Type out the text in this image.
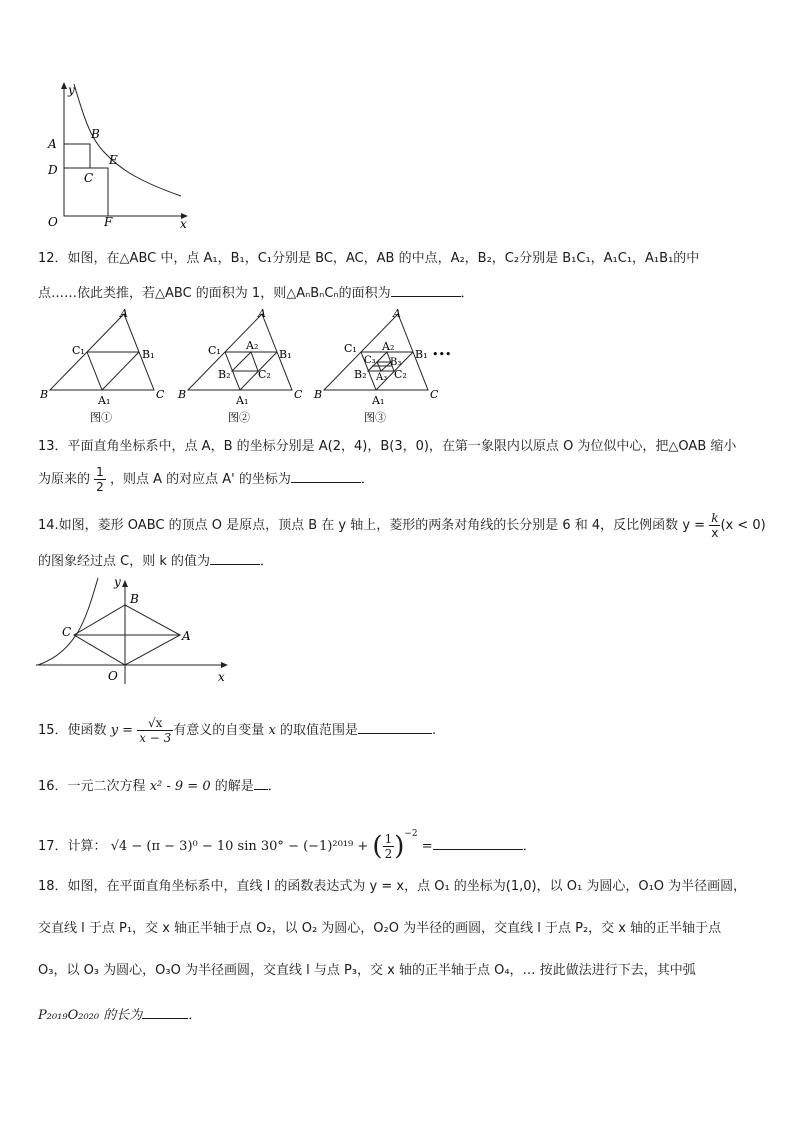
y
A
B
D
E
C
O	F	x
12．如图，在△ABC 中，点 A₁，B₁，C₁分别是 BC，AC，AB 的中点，A₂，B₂，C₂分别是 B₁C₁，A₁C₁，A₁B₁的中
点……依此类推，若△ABC 的面积为 1，则△AₙBₙCₙ的面积为	．
A
C₁	B₁
B	C
A₁
图①
A
C₁ A₂
B₁
B₂	C₂
B	C
A₁
图②
A
C₁ A₂
C₃ B₃
B₁ •••
B₂ A₃ C₂
B	C
A₁
图③
13．平面直角坐标系中，点 A，B 的坐标分别是 A(2，4)，B(3，0)，在第一象限内以原点 O 为位似中心，把△OAB 缩小
为原来的 $\frac{1}{2}$ ，则点 A 的对应点 A' 的坐标为	．
14.如图，菱形 OABC 的顶点 O 是原点，顶点 B 在 y 轴上，菱形的两条对角线的长分别是 6 和 4，反比例函数 $y = \frac{k}{x} (x < 0)$
的图象经过点 C，则 k 的值为	．
y
B
C	A
O	x
15．使函数 $y = \frac{√x}{x - 3}$ 有意义的自变量 x 的取值范围是	.
16．一元二次方程 x² - 9 = 0 的解是 ．
17．计算： √4 − (π − 3)⁰ − 10 sin 30° − (−1)²⁰¹⁹ + ( $\frac{1}{2} )^{-2}$ =	．
18．如图，在平面直角坐标系中，直线 l 的函数表达式为 y = x，点 O₁ 的坐标为(1,0)，以 O₁ 为圆心，O₁O 为半径画圆，
交直线 l 于点 P₁，交 x 轴正半轴于点 O₂，以 O₂ 为圆心，O₂O 为半径的画圆，交直线 l 于点 P₂，交 x 轴的正半轴于点
O₃，以 O₃ 为圆心，O₃O 为半径画圆，交直线 l 与点 P₃，交 x 轴的正半轴于点 O₄，… 按此做法进行下去，其中弧
P₂₀₁₉O₂₀₂₀ 的长为	．
